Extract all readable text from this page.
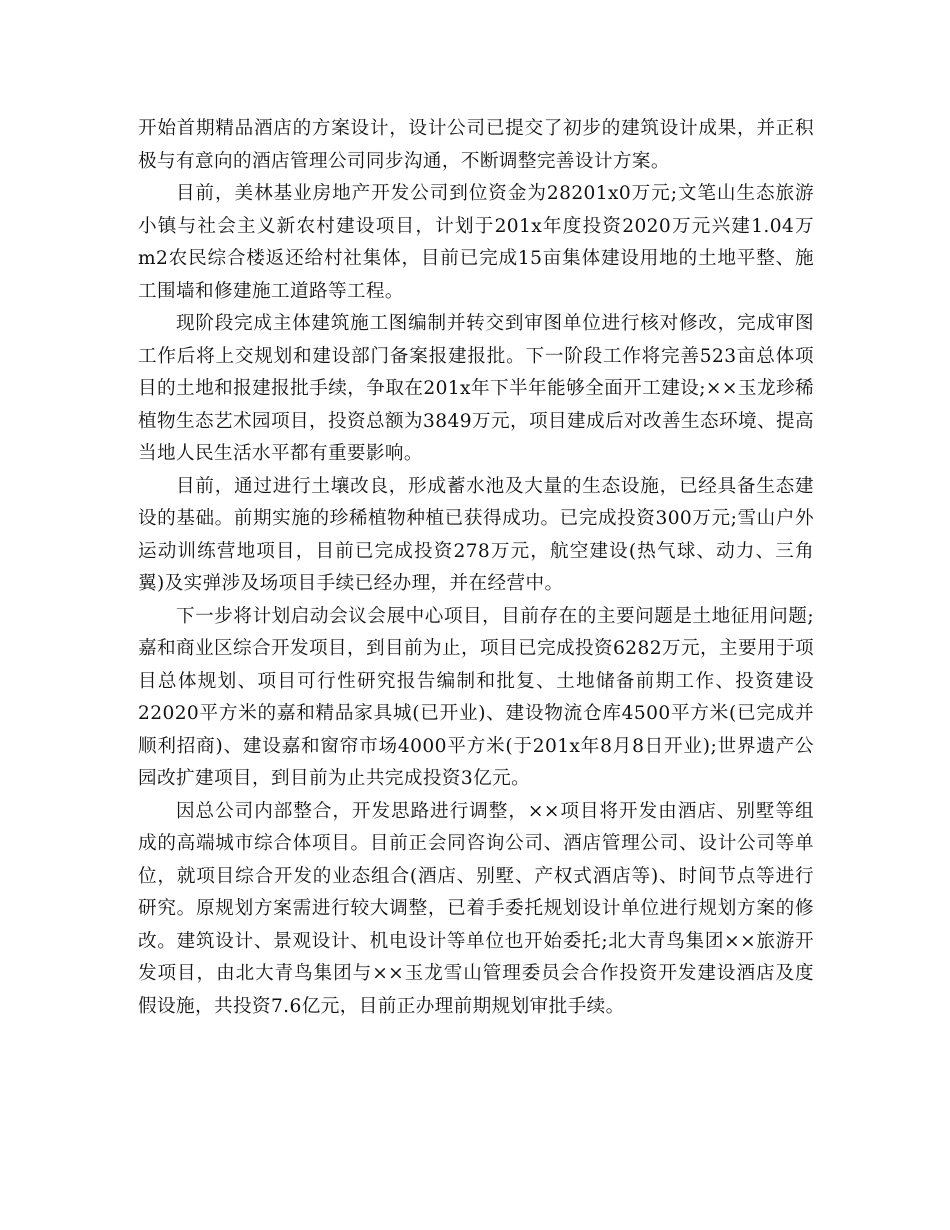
开始首期精品酒店的方案设计，设计公司已提交了初步的建筑设计成果，并正积极与有意向的酒店管理公司同步沟通，不断调整完善设计方案。

目前，美林基业房地产开发公司到位资金为28201x0万元;文笔山生态旅游小镇与社会主义新农村建设项目，计划于201x年度投资2020万元兴建1.04万m2农民综合楼返还给村社集体，目前已完成15亩集体建设用地的土地平整、施工围墙和修建施工道路等工程。

现阶段完成主体建筑施工图编制并转交到审图单位进行核对修改，完成审图工作后将上交规划和建设部门备案报建报批。下一阶段工作将完善523亩总体项目的土地和报建报批手续，争取在201x年下半年能够全面开工建设;××玉龙珍稀植物生态艺术园项目，投资总额为3849万元，项目建成后对改善生态环境、提高当地人民生活水平都有重要影响。

目前，通过进行土壤改良，形成蓄水池及大量的生态设施，已经具备生态建设的基础。前期实施的珍稀植物种植已获得成功。已完成投资300万元;雪山户外运动训练营地项目，目前已完成投资278万元，航空建设(热气球、动力、三角翼)及实弹涉及场项目手续已经办理，并在经营中。

下一步将计划启动会议会展中心项目，目前存在的主要问题是土地征用问题;嘉和商业区综合开发项目，到目前为止，项目已完成投资6282万元，主要用于项目总体规划、项目可行性研究报告编制和批复、土地储备前期工作、投资建设22020平方米的嘉和精品家具城(已开业)、建设物流仓库4500平方米(已完成并顺利招商)、建设嘉和窗帘市场4000平方米(于201x年8月8日开业);世界遗产公园改扩建项目，到目前为止共完成投资3亿元。

因总公司内部整合，开发思路进行调整，××项目将开发由酒店、别墅等组成的高端城市综合体项目。目前正会同咨询公司、酒店管理公司、设计公司等单位，就项目综合开发的业态组合(酒店、别墅、产权式酒店等)、时间节点等进行研究。原规划方案需进行较大调整，已着手委托规划设计单位进行规划方案的修改。建筑设计、景观设计、机电设计等单位也开始委托;北大青鸟集团××旅游开发项目，由北大青鸟集团与××玉龙雪山管理委员会合作投资开发建设酒店及度假设施，共投资7.6亿元，目前正办理前期规划审批手续。
